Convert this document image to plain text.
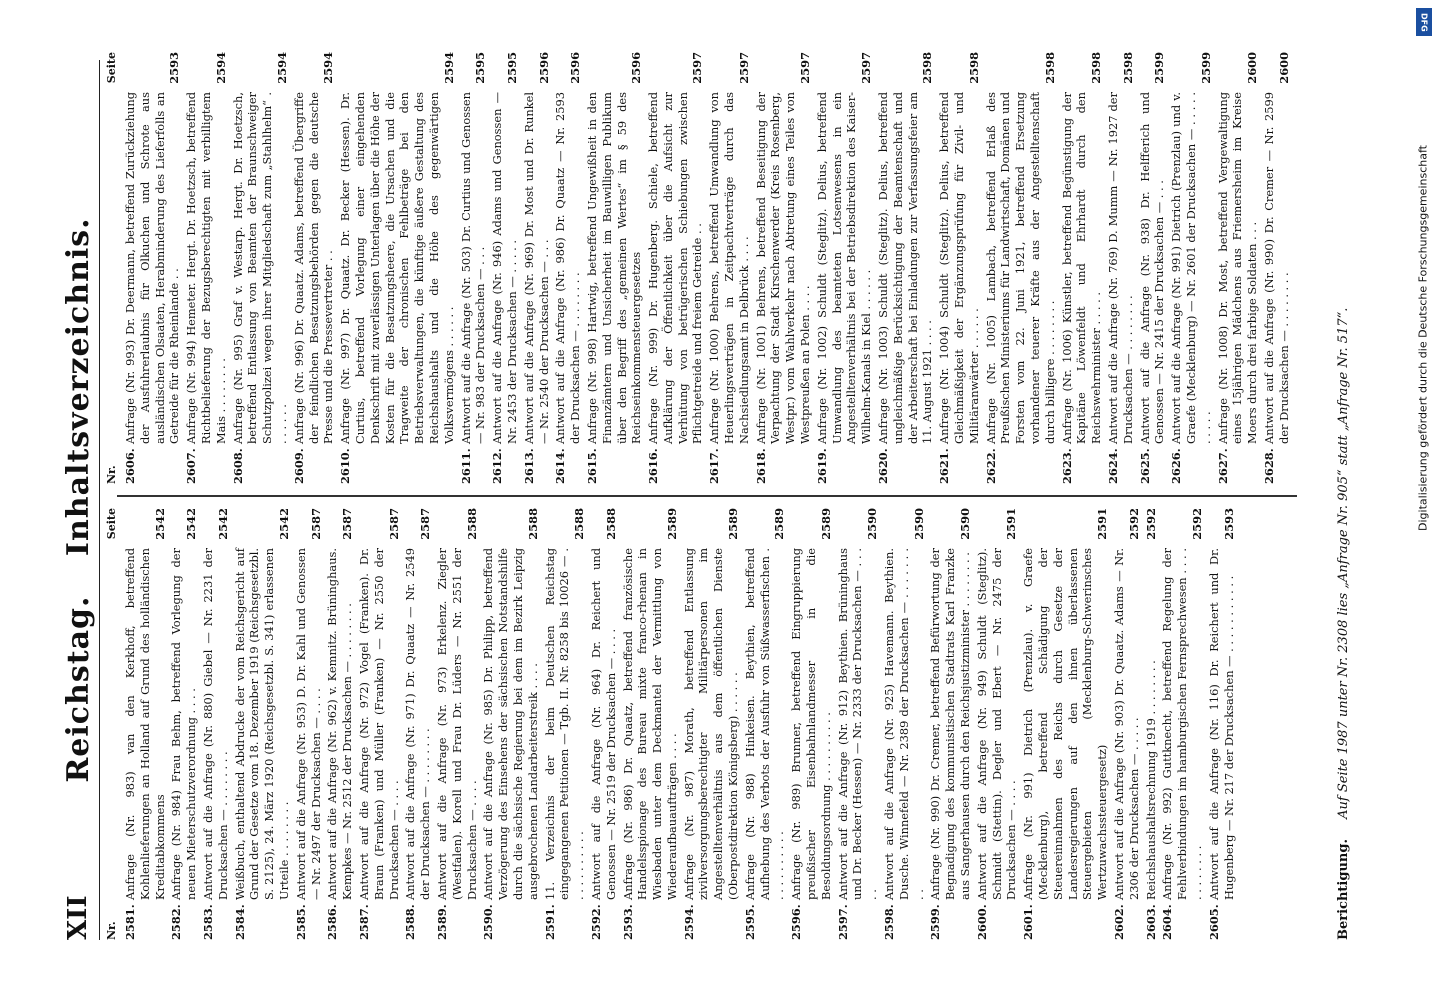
XII
Reichstag. Inhaltsverzeichnis.
Nr.
Seite
2581.
Anfrage (Nr. 983) van den Kerkhoff, betreffend Kohlenlieferungen an Holland auf Grund des holländischen Kreditabkommens
2542
2582.
Anfrage (Nr. 984) Frau Behm, betreffend Vorlegung der neuen Mieterschutzverordnung . . . .
2542
2583.
Antwort auf die Anfrage (Nr. 880) Giebel — Nr. 2231 der Drucksachen — . . . . . . . .
2542
2584.
Weißbuch, enthaltend Abdrucke der vom Reichsgericht auf Grund der Gesetze vom 18. Dezember 1919 (Reichsgesetzbl. S. 2125), 24. März 1920 (Reichsgesetzbl. S. 341) erlassenen Urteile . . . . . . . .
2542
2585.
Antwort auf die Anfrage (Nr. 953) D. Dr. Kahl und Genossen — Nr. 2497 der Drucksachen — . . . .
2587
2586.
Antwort auf die Anfrage (Nr. 962) v. Kemnitz. Brüninghaus. Kempkes — Nr. 2512 der Drucksachen — . . . . . . . .
2587
2587.
Antwort auf die Anfrage (Nr. 972) Vogel (Franken). Dr. Braun (Franken) und Müller (Franken) — Nr. 2550 der Drucksachen — . . . .
2587
2588.
Antwort auf die Anfrage (Nr. 971) Dr. Quaatz — Nr. 2549 der Drucksachen — . . . . . . . .
2587
2589.
Antwort auf die Anfrage (Nr. 973) Erkelenz. Ziegler (Westfalen). Korell und Frau Dr. Lüders — Nr. 2551 der Drucksachen — . . . .
2588
2590.
Antwort auf die Anfrage (Nr. 985) Dr. Philipp, betreffend Verzögerung des Einsehens der sächsischen Notstandshilfe durch die sächsische Regierung bei dem im Bezirk Leipzig ausgebrochenen Landarbeiterstreik . . . .
2588
2591.
11. Verzeichnis der beim Deutschen Reichstag eingegangenen Petitionen — Tgb. II. Nr. 8258 bis 10026 — . . . . . . . . . . .
2588
2592.
Antwort auf die Anfrage (Nr. 964) Dr. Reichert und Genossen — Nr. 2519 der Drucksachen — . . . .
2588
2593.
Anfrage (Nr. 986) Dr. Quaatz, betreffend französische Handelsspionage des Bureau mixte franco-rhenan in Wiesbaden unter dem Deckmantel der Vermittlung von Wiederaufbauaufträgen . . . .
2589
2594.
Anfrage (Nr. 987) Morath, betreffend Entlassung zivilversorgungsberechtigter Militärpersonen im Angestelltenverhältnis aus dem öffentlichen Dienste (Oberpostdirektion Königsberg) . . . . . .
2589
2595.
Anfrage (Nr. 988) Hinkeisen. Beythien, betreffend Aufhebung des Verbots der Ausfuhr von Süßwasserfischen . . . . . . . . . . .
2589
2596.
Anfrage (Nr. 989) Brunner, betreffend Eingruppierung preußischer Eisenbahnlandmesser in die Besoldungsordnung . . . . . . . . . .
2589
2597.
Antwort auf die Anfrage (Nr. 912) Beythien. Brüninghaus und Dr. Becker (Hessen) — Nr. 2333 der Drucksachen — . . . . .
2590
2598.
Antwort auf die Anfrage (Nr. 925) Havemann. Beythien. Dusche. Winnefeld — Nr. 2389 der Drucksachen — . . . . . . . . .
2590
2599.
Anfrage (Nr. 990) Dr. Cremer, betreffend Befürwortung der Begnadigung des kommunistischen Stadtrats Karl Franzke aus Sangerhausen durch den Reichsjustizminister . . . . . . . .
2590
2600.
Antwort auf die Anfrage (Nr. 949) Schuldt (Steglitz). Schmidt (Stettin). Degler und Ebert — Nr. 2475 der Drucksachen — . . . .
2591
2601.
Anfrage (Nr. 991) Dietrich (Prenzlau). v. Graefe (Mecklenburg), betreffend Schädigung der Steuereinnahmen des Reichs durch Gesetze der Landesregierungen auf den ihnen überlassenen Steuergebieten (Mecklenburg-Schwerinsches Wertzuwachssteuergesetz)
2591
2602.
Antwort auf die Anfrage (Nr. 903) Dr. Quaatz. Adams — Nr. 2306 der Drucksachen — . . . . .
2592
2603.
Reichshaushaltsrechnung 1919 . . . . . . . .
2592
2604.
Anfrage (Nr. 992) Guttknecht, betreffend Regelung der Fehlverbindungen im hamburgischen Fernsprechwesen . . . . . . . . . . . .
2592
2605.
Antwort auf die Anfrage (Nr. 116) Dr. Reichert und Dr. Hugenberg — Nr. 217 der Drucksachen — . . . . . . . . . . .
2593
Nr.
Seite
2606.
Anfrage (Nr. 993) Dr. Deermann, betreffend Zurückziehung der Ausfuhrerlaubnis für Olkuchen und Schrote aus ausländischen Olsaaten, Herabminderung des Lieferfolls an Getreide für die Rheinlande . .
2593
2607.
Anfrage (Nr. 994) Hemeter. Hergt. Dr. Hoetzsch, betreffend Richtbelieferung der Bezugsberechtigten mit verbilligtem Mais . . . . . . . .
2594
2608.
Anfrage (Nr. 995) Graf v. Westarp. Hergt. Dr. Hoetzsch, betreffend Entlassung von Beamten der Braunschweiger Schutzpolizei wegen ihrer Mitgliedschaft zum „Stahlhelm“ . . . . . . .
2594
2609.
Anfrage (Nr. 996) Dr. Quaatz. Adams, betreffend Übergriffe der feindlichen Besatzungsbehörden gegen die deutsche Presse und die Pressevertreter . .
2594
2610.
Anfrage (Nr. 997) Dr. Quaatz. Dr. Becker (Hessen). Dr. Curtius, betreffend Vorlegung einer eingehenden Denkschrift mit zuverlässigen Unterlagen über die Höhe der Kosten für die Besatzungsheere, die Ursachen und die Tragweite der chronischen Fehlbeträge bei den Betriebsverwaltungen, die künftige äußere Gestaltung des Reichshaushalts und die Höhe des gegenwärtigen Volksvermögens . . . . . .
2594
2611.
Antwort auf die Anfrage (Nr. 503) Dr. Curtius und Genossen — Nr. 983 der Drucksachen — . . .
2595
2612.
Antwort auf die Anfrage (Nr. 946) Adams und Genossen — Nr. 2453 der Drucksachen — . . . . .
2595
2613.
Antwort auf die Anfrage (Nr. 969) Dr. Most und Dr. Runkel — Nr. 2540 der Drucksachen — . . .
2596
2614.
Antwort auf die Anfrage (Nr. 986) Dr. Quaatz — Nr. 2593 der Drucksachen — . . . . . . . .
2596
2615.
Anfrage (Nr. 998) Hartwig, betreffend Ungewißheit in den Finanzämtern und Unsicherheit im Bauwilligen Publikum über den Begriff des „gemeinen Wertes“ im § 59 des Reichseinkommensteuergesetzes
2596
2616.
Anfrage (Nr. 999) Dr. Hugenberg. Schiele, betreffend Aufklärung der Öffentlichkeit über die Aufsicht zur Verhütung von betrügerischen Schiebungen zwischen Pflichtgetreide und freiem Getreide . .
2597
2617.
Anfrage (Nr. 1000) Behrens, betreffend Umwandlung von Heuerlingsverträgen in Zeitpachtverträge durch das Nachsiedlungsamt in Delbrück . . . .
2597
2618.
Anfrage (Nr. 1001) Behrens, betreffend Beseitigung der Verpachtung der Stadt Kirschenwerder (Kreis Rosenberg, Westpr.) vom Wahlverkehr nach Abtretung eines Teiles von Westpreußen an Polen . . . .
2597
2619.
Anfrage (Nr. 1002) Schuldt (Steglitz). Delius, betreffend Umwandlung des beamteten Lotsenwesens in ein Angestelltenverhältnis bei der Betriebsdirektion des Kaiser-Wilhelm-Kanals in Kiel . . . . . .
2597
2620.
Anfrage (Nr. 1003) Schuldt (Steglitz). Delius, betreffend ungleichmäßige Berücksichtigung der Beamtenschaft und der Arbeiterschaft bei Einladungen zur Verfassungsfeier am 11. August 1921 . . . .
2598
2621.
Anfrage (Nr. 1004) Schuldt (Steglitz). Delius, betreffend Gleichmäßigkeit der Ergänzungsprüfung für Zivil- und Militäranwärter . . . . . .
2598
2622.
Anfrage (Nr. 1005) Lambach, betreffend Erlaß des Preußischen Ministeriums für Landwirtschaft, Domänen und Forsten vom 22. Juni 1921, betreffend Ersetzung vorhandener teuerer Kräfte aus der Angestelltenschaft durch billigere . . . . . . . .
2598
2623.
Anfrage (Nr. 1006) Künstler, betreffend Begünstigung der Kapitäne Löwenfeldt und Ehrhardt durch den Reichswehrminister . . . . .
2598
2624.
Antwort auf die Anfrage (Nr. 769) D. Mumm — Nr. 1927 der Drucksachen — . . . . . . . .
2598
2625.
Antwort auf die Anfrage (Nr. 938) Dr. Helfferich und Genossen — Nr. 2415 der Drucksachen — . . .
2599
2626.
Antwort auf die Anfrage (Nr. 991) Dietrich (Prenzlau) und v. Graefe (Mecklenburg) — Nr. 2601 der Drucksachen — . . . . . . . . . .
2599
2627.
Anfrage (Nr. 1008) Dr. Most, betreffend Vergewaltigung eines 15jährigen Mädchens aus Friemersheim im Kreise Moers durch drei farbige Soldaten . . .
2600
2628.
Antwort auf die Anfrage (Nr. 990) Dr. Cremer — Nr. 2599 der Drucksachen — . . . . . . . .
2600
Berichtigung. Auf Seite 1987 unter Nr. 2308 lies „Anfrage Nr. 905“ statt „Anfrage Nr. 517“.
DFG
Digitalisierung gefördert durch die Deutsche Forschungsgemeinschaft
